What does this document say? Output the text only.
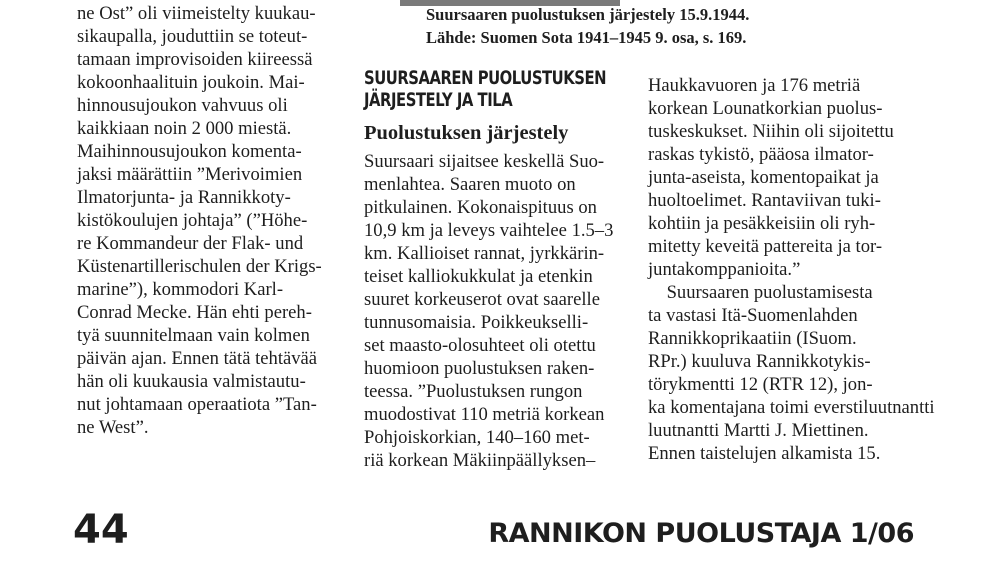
Suursaaren puolustuksen järjestely 15.9.1944.
Lähde: Suomen Sota 1941–1945 9. osa, s. 169.
ne Ost” oli viimeistelty kuukau-
sikaupalla, jouduttiin se toteut-
tamaan improvisoiden kiireessä
kokoonhaalituin joukoin. Mai-
hinnousujoukon vahvuus oli
kaikkiaan noin 2 000 miestä.
Maihinnousujoukon komenta-
jaksi määrättiin ”Merivoimien
Ilmatorjunta- ja Rannikkoty-
kistökoulujen johtaja” (”Höhe-
re Kommandeur der Flak- und
Küstenartillerischulen der Krigs-
marine”), kommodori Karl-
Conrad Mecke. Hän ehti pereh-
tyä suunnitelmaan vain kolmen
päivän ajan. Ennen tätä tehtävää
hän oli kuukausia valmistautu-
nut johtamaan operaatiota ”Tan-
ne West”.
SUURSAAREN PUOLUSTUKSEN
JÄRJESTELY JA TILA
Puolustuksen järjestely
Suursaari sijaitsee keskellä Suo-
menlahtea. Saaren muoto on
pitkulainen. Kokonaispituus on
10,9 km ja leveys vaihtelee 1.5–3
km. Kallioiset rannat, jyrkkärin-
teiset kalliokukkulat ja etenkin
suuret korkeuserot ovat saarelle
tunnusomaisia. Poikkeukselli-
set maasto-olosuhteet oli otettu
huomioon puolustuksen raken-
teessa. ”Puolustuksen rungon
muodostivat 110 metriä korkean
Pohjoiskorkian, 140–160 met-
riä korkean Mäkiinpäällyksen–
Haukkavuoren ja 176 metriä
korkean Lounatkorkian puolus-
tuskeskukset. Niihin oli sijoitettu
raskas tykistö, pääosa ilmator-
junta-aseista, komentopaikat ja
huoltoelimet. Rantaviivan tuki-
kohtiin ja pesäkkeisiin oli ryh-
mitetty keveitä pattereita ja tor-
juntakomppanioita.”
Suursaaren puolustamisesta
ta vastasi Itä-Suomenlahden
Rannikkoprikaatiin (ISuom.
RPr.) kuuluva Rannikkotykis-
törykmentti 12 (RTR 12), jon-
ka komentajana toimi everstiluutnantti
luutnantti Martti J. Miettinen.
Ennen taistelujen alkamista 15.
44	RANNIKON PUOLUSTAJA 1/06
